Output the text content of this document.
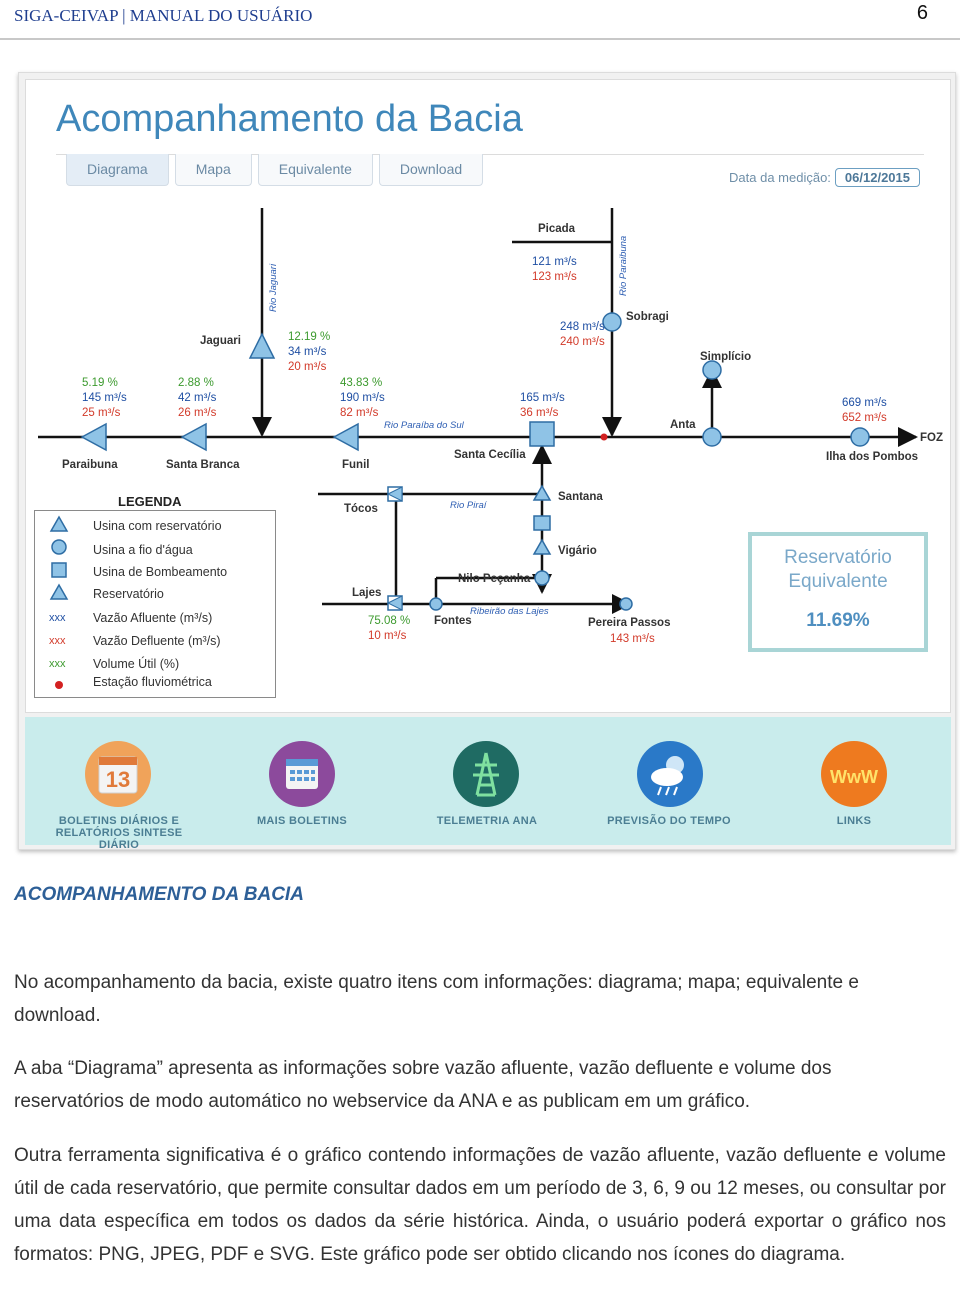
SIGA-CEIVAP | MANUAL DO USUÁRIO	6
Acompanhamento da Bacia
Diagrama	Mapa	Equivalente	Download
Data da medição:	06/12/2015
Rio Jaguari	Rio Paraibuna
Rio Paraíba do Sul
Rio Piraí
Ribeirão das Lajes
Paraibuna	Santa Branca
Jaguari
Funil
Santa Cecília
Picada
Sobragi
Simplício
Anta
Ilha dos Pombos
FOZ
Tócos
Santana
Vigário
Nilo Peçanha
Lajes
Fontes	Pereira Passos
5.19 %
145 m³/s
25 m³/s
2.88 %
42 m³/s
26 m³/s
12.19 %
34 m³/s
20 m³/s
43.83 %
190 m³/s
82 m³/s
165 m³/s
36 m³/s
121 m³/s
123 m³/s
248 m³/s
240 m³/s
669 m³/s
652 m³/s
75.08 %
10 m³/s	143 m³/s
xxx
xxx
xxx
Usina com reservatório
Usina a fio d'água
Usina de Bombeamento
Reservatório
Vazão Afluente (m³/s)
Vazão Defluente (m³/s)
Volume Útil (%)
Estação fluviométrica
LEGENDA
Reservatório
Equivalente
11.69%
13
BOLETINS DIÁRIOS E
RELATÓRIOS SINTESE DIÁRIO
MAIS BOLETINS	TELEMETRIA ANA	PREVISÃO DO TEMPO
WwW
LINKS
ACOMPANHAMENTO DA BACIA
No acompanhamento da bacia, existe quatro itens com informações: diagrama; mapa; equivalente e download.
A aba “Diagrama” apresenta as informações sobre vazão afluente, vazão defluente e volume dos reservatórios de modo automático no webservice da ANA e as publicam em um gráfico.
Outra ferramenta significativa é o gráfico contendo informações de vazão afluente, vazão defluente e volume útil de cada reservatório, que permite consultar dados em um período de 3, 6, 9 ou 12 meses, ou consultar por uma data específica em todos os dados da série histórica. Ainda, o usuário poderá exportar o gráfico nos formatos: PNG, JPEG, PDF e SVG. Este gráfico pode ser obtido clicando nos ícones do diagrama.
